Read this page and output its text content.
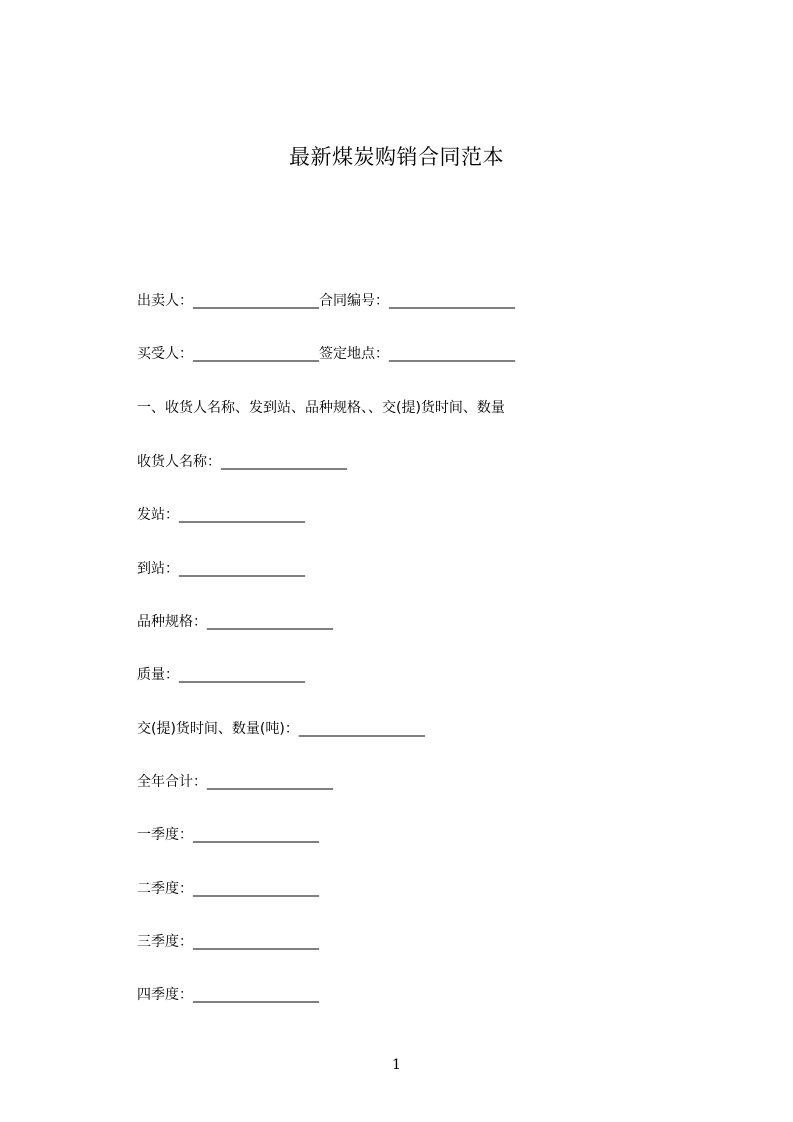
最新煤炭购销合同范本
出卖人：__________________合同编号：__________________
买受人：__________________签定地点：__________________
一、收货人名称、发到站、品种规格、、交(提)货时间、数量
收货人名称：__________________
发站：__________________
到站：__________________
品种规格：__________________
质量：__________________
交(提)货时间、数量(吨)：__________________
全年合计：__________________
一季度：__________________
二季度：__________________
三季度：__________________
四季度：__________________
1
